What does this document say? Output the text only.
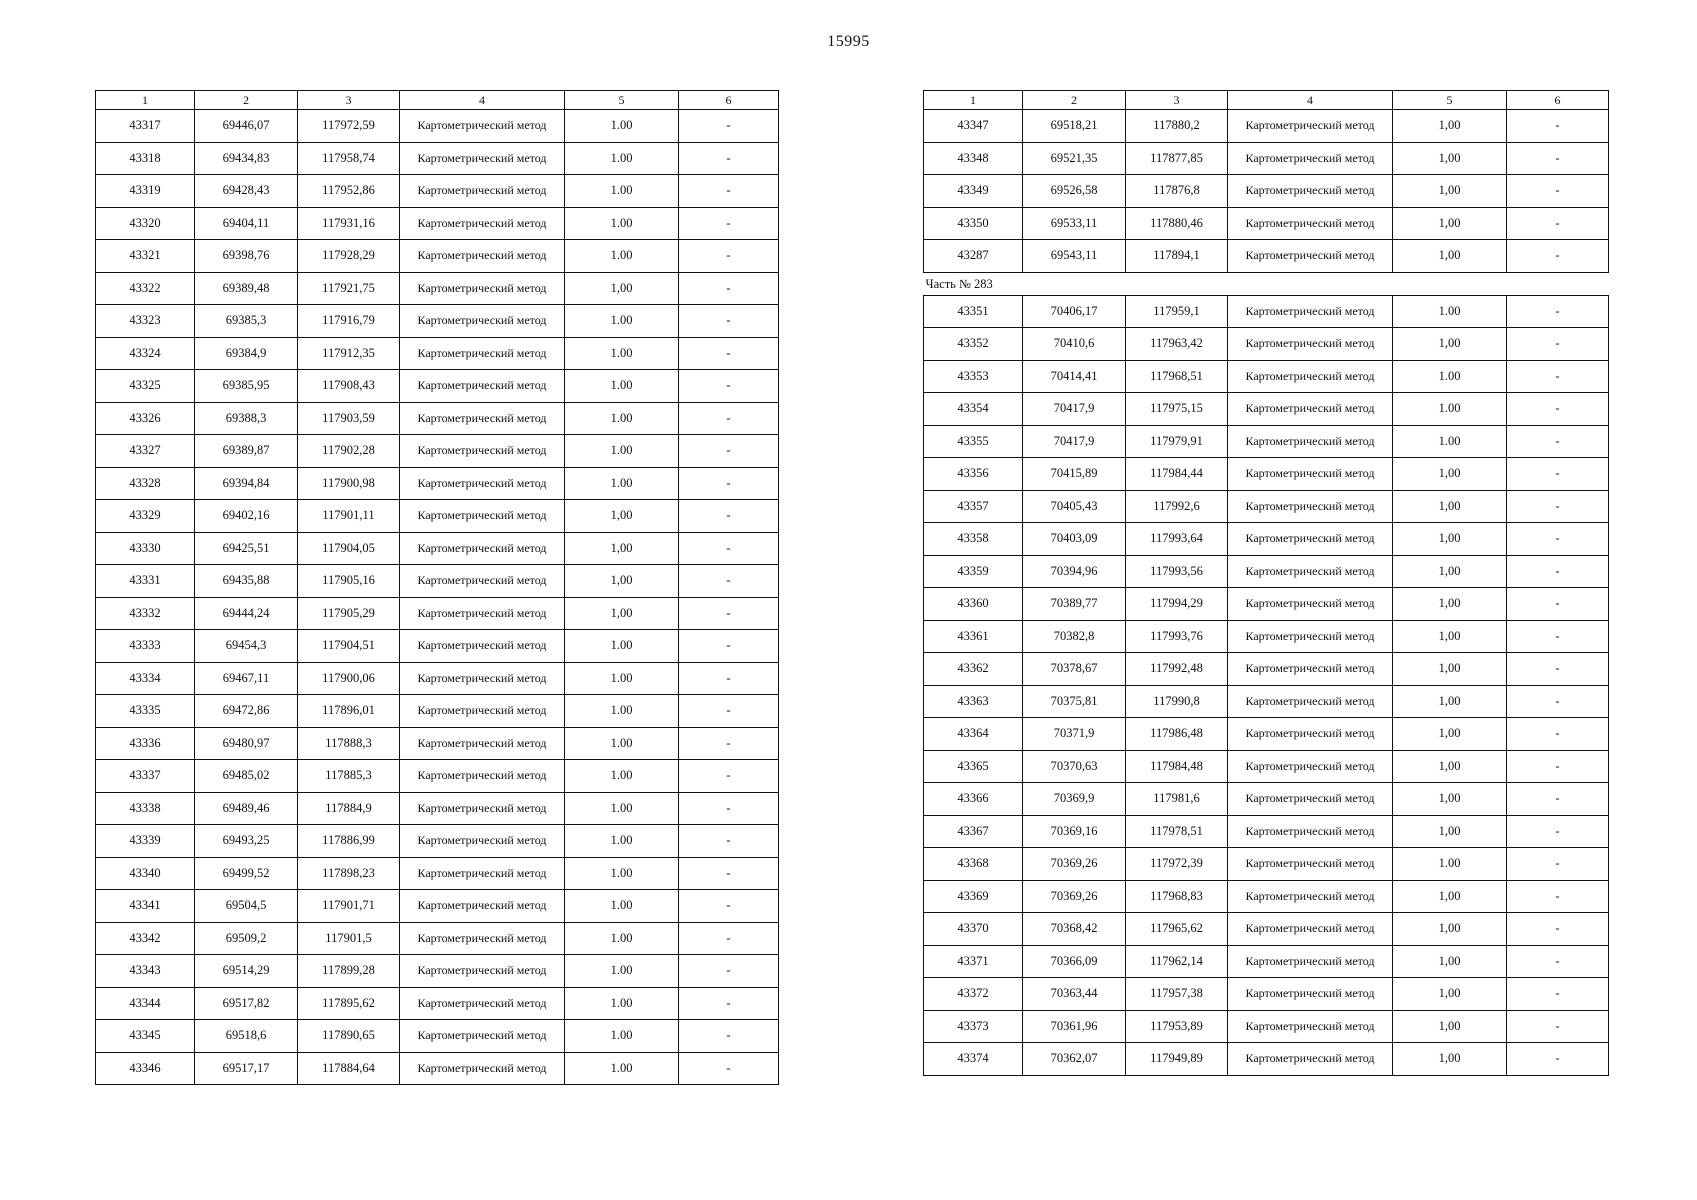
15995
1	2	3	4	5	6
43317	69446,07	117972,59	Картометрический метод	1.00	-
43318	69434,83	117958,74	Картометрический метод	1.00	-
43319	69428,43	117952,86	Картометрический метод	1.00	-
43320	69404,11	117931,16	Картометрический метод	1.00	-
43321	69398,76	117928,29	Картометрический метод	1.00	-
43322	69389,48	117921,75	Картометрический метод	1,00	-
43323	69385,3	117916,79	Картометрический метод	1.00	-
43324	69384,9	117912,35	Картометрический метод	1.00	-
43325	69385,95	117908,43	Картометрический метод	1.00	-
43326	69388,3	117903,59	Картометрический метод	1.00	-
43327	69389,87	117902,28	Картометрический метод	1.00	-
43328	69394,84	117900,98	Картометрический метод	1.00	-
43329	69402,16	117901,11	Картометрический метод	1,00	-
43330	69425,51	117904,05	Картометрический метод	1,00	-
43331	69435,88	117905,16	Картометрический метод	1,00	-
43332	69444,24	117905,29	Картометрический метод	1,00	-
43333	69454,3	117904,51	Картометрический метод	1.00	-
43334	69467,11	117900,06	Картометрический метод	1.00	-
43335	69472,86	117896,01	Картометрический метод	1.00	-
43336	69480,97	117888,3	Картометрический метод	1.00	-
43337	69485,02	117885,3	Картометрический метод	1.00	-
43338	69489,46	117884,9	Картометрический метод	1.00	-
43339	69493,25	117886,99	Картометрический метод	1.00	-
43340	69499,52	117898,23	Картометрический метод	1.00	-
43341	69504,5	117901,71	Картометрический метод	1.00	-
43342	69509,2	117901,5	Картометрический метод	1.00	-
43343	69514,29	117899,28	Картометрический метод	1.00	-
43344	69517,82	117895,62	Картометрический метод	1.00	-
43345	69518,6	117890,65	Картометрический метод	1.00	-
43346	69517,17	117884,64	Картометрический метод	1.00	-
1	2	3	4	5	6
43347	69518,21	117880,2	Картометрический метод	1,00	-
43348	69521,35	117877,85	Картометрический метод	1,00	-
43349	69526,58	117876,8	Картометрический метод	1,00	-
43350	69533,11	117880,46	Картометрический метод	1,00	-
43287	69543,11	117894,1	Картометрический метод	1,00	-
Часть № 283					
43351	70406,17	117959,1	Картометрический метод	1.00	-
43352	70410,6	117963,42	Картометрический метод	1,00	-
43353	70414,41	117968,51	Картометрический метод	1.00	-
43354	70417,9	117975,15	Картометрический метод	1.00	-
43355	70417,9	117979,91	Картометрический метод	1.00	-
43356	70415,89	117984,44	Картометрический метод	1,00	-
43357	70405,43	117992,6	Картометрический метод	1,00	-
43358	70403,09	117993,64	Картометрический метод	1,00	-
43359	70394,96	117993,56	Картометрический метод	1,00	-
43360	70389,77	117994,29	Картометрический метод	1,00	-
43361	70382,8	117993,76	Картометрический метод	1,00	-
43362	70378,67	117992,48	Картометрический метод	1,00	-
43363	70375,81	117990,8	Картометрический метод	1,00	-
43364	70371,9	117986,48	Картометрический метод	1,00	-
43365	70370,63	117984,48	Картометрический метод	1,00	-
43366	70369,9	117981,6	Картометрический метод	1,00	-
43367	70369,16	117978,51	Картометрический метод	1,00	-
43368	70369,26	117972,39	Картометрический метод	1.00	-
43369	70369,26	117968,83	Картометрический метод	1,00	-
43370	70368,42	117965,62	Картометрический метод	1,00	-
43371	70366,09	117962,14	Картометрический метод	1,00	-
43372	70363,44	117957,38	Картометрический метод	1,00	-
43373	70361,96	117953,89	Картометрический метод	1,00	-
43374	70362,07	117949,89	Картометрический метод	1,00	-
